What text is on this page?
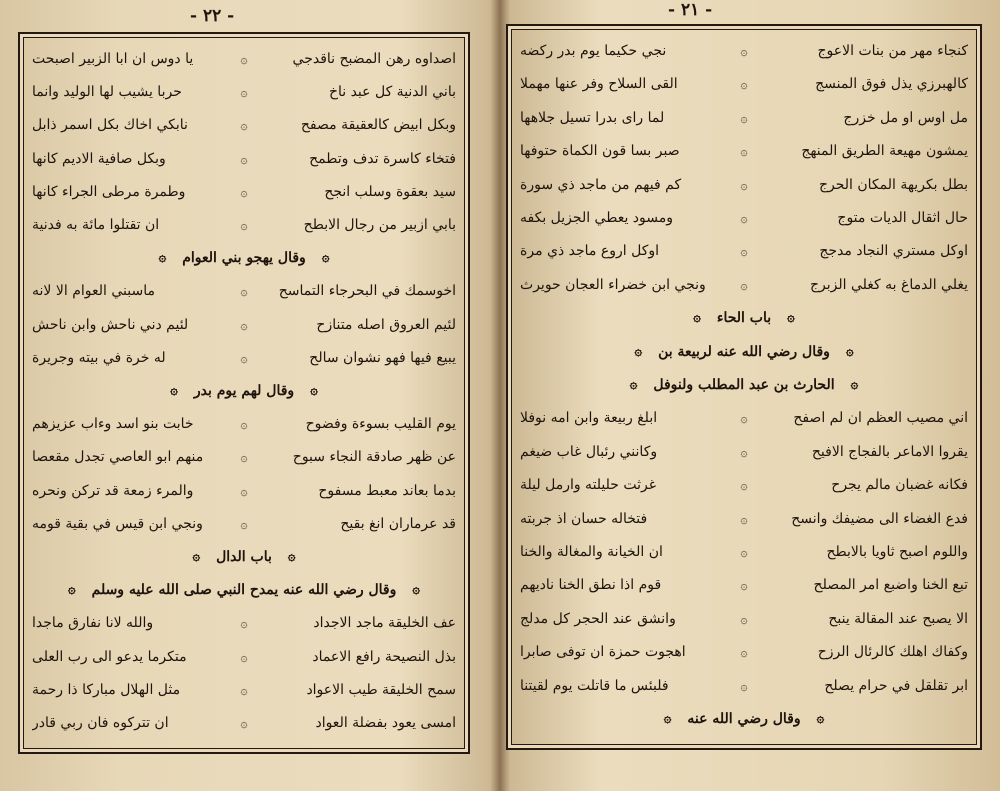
- ٢٢ -
اصداوه رهن المضبح ناقدجي
۞
يا دوس ان ابا الزبير اصبحت
باني الدنية كل عبد ناخ
۞
حربا يشيب لها الوليد وانما
وبكل ابيض كالعقيقة مصفح
۞
نابكي اخاك بكل اسمر ذابل
فتخاء كاسرة تدف وتطمح
۞
وبكل صافية الاديم كانها
سيد بعقوة وسلب انجح
۞
وطمرة مرطى الجراء كانها
بابي ازبير من رجال الابطح
۞
ان تقتلوا مائة به فدنية
۞
وقال يهجو بني العوام
۞
اخوسمك في البحرجاء التماسح
۞
ماسبني العوام الا لانه
لئيم العروق اصله متنازح
۞
لئيم دني ناحش وابن ناحش
يبيع فيها فهو نشوان سالح
۞
له خرة في بيته وجريرة
۞
وقال لهم يوم بدر
۞
يوم القليب بسوءة وفضوح
۞
خابت بنو اسد وءاب عزيزهم
عن ظهر صادقة النجاء سبوح
۞
منهم ابو العاصي تجدل مقعصا
بدما بعاند معبط مسفوح
۞
والمرء زمعة قد تركن ونحره
قد عرماران انغ بقيح
۞
ونجي ابن قيس في بقية قومه
۞
باب الدال
۞
۞
وقال رضي الله عنه يمدح النبي صلى الله عليه وسلم
۞
عف الخليقة ماجد الاجداد
۞
والله لانا نفارق ماجدا
بذل النصيحة رافع الاعماد
۞
متكرما يدعو الى رب العلى
سمح الخليقة طيب الاعواد
۞
مثل الهلال مباركا ذا رحمة
امسى يعود بفضلة العواد
۞
ان تتركوه فان ربي قادر
- ٢١ -
كنجاء مهر من بنات الاعوج
۞
نجي حكيما يوم بدر ركضه
كالهبرزي يذل فوق المنسج
۞
القى السلاح وفر عنها مهملا
مل اوس او مل خزرج
۞
لما راى بدرا تسيل جلاهها
يمشون مهيعة الطريق المنهج
۞
صبر بسا قون الكماة حتوفها
بطل بكريهة المكان الحرج
۞
كم فيهم من ماجد ذي سورة
حال اثقال الديات متوج
۞
ومسود يعطي الجزيل بكفه
اوكل مستري النجاد مدجج
۞
اوكل اروع ماجد ذي مرة
يغلي الدماغ به كغلي الزبرج
۞
ونجي ابن خضراء العجان حويرث
۞
باب الحاء
۞
۞
وقال رضي الله عنه لربيعة بن
۞
۞
الحارث بن عبد المطلب ولنوفل
۞
اني مصيب العظم ان لم اصفح
۞
ابلغ ربيعة وابن امه نوفلا
يقروا الاماعر بالفجاج الافيح
۞
وكانني رئبال غاب ضيغم
فكانه غضبان مالم يجرح
۞
غرثت حليلته وارمل ليلة
فدع الغضاء الى مضيفك وانسح
۞
فتخاله حسان اذ جربته
واللوم اصبح ثاويا بالابطح
۞
ان الخيانة والمغالة والخنا
تبع الخنا واضبع امر المصلح
۞
قوم اذا نطق الخنا ناديهم
الا يصبح عند المقالة ينبح
۞
وانشق عند الحجر كل مدلج
وكفاك اهلك كالرئال الرزح
۞
اهجوت حمزة ان توفى صابرا
ابر تقلقل في حرام يصلح
۞
فلبئس ما قاتلت يوم لقيتنا
۞
وقال رضي الله عنه
۞
